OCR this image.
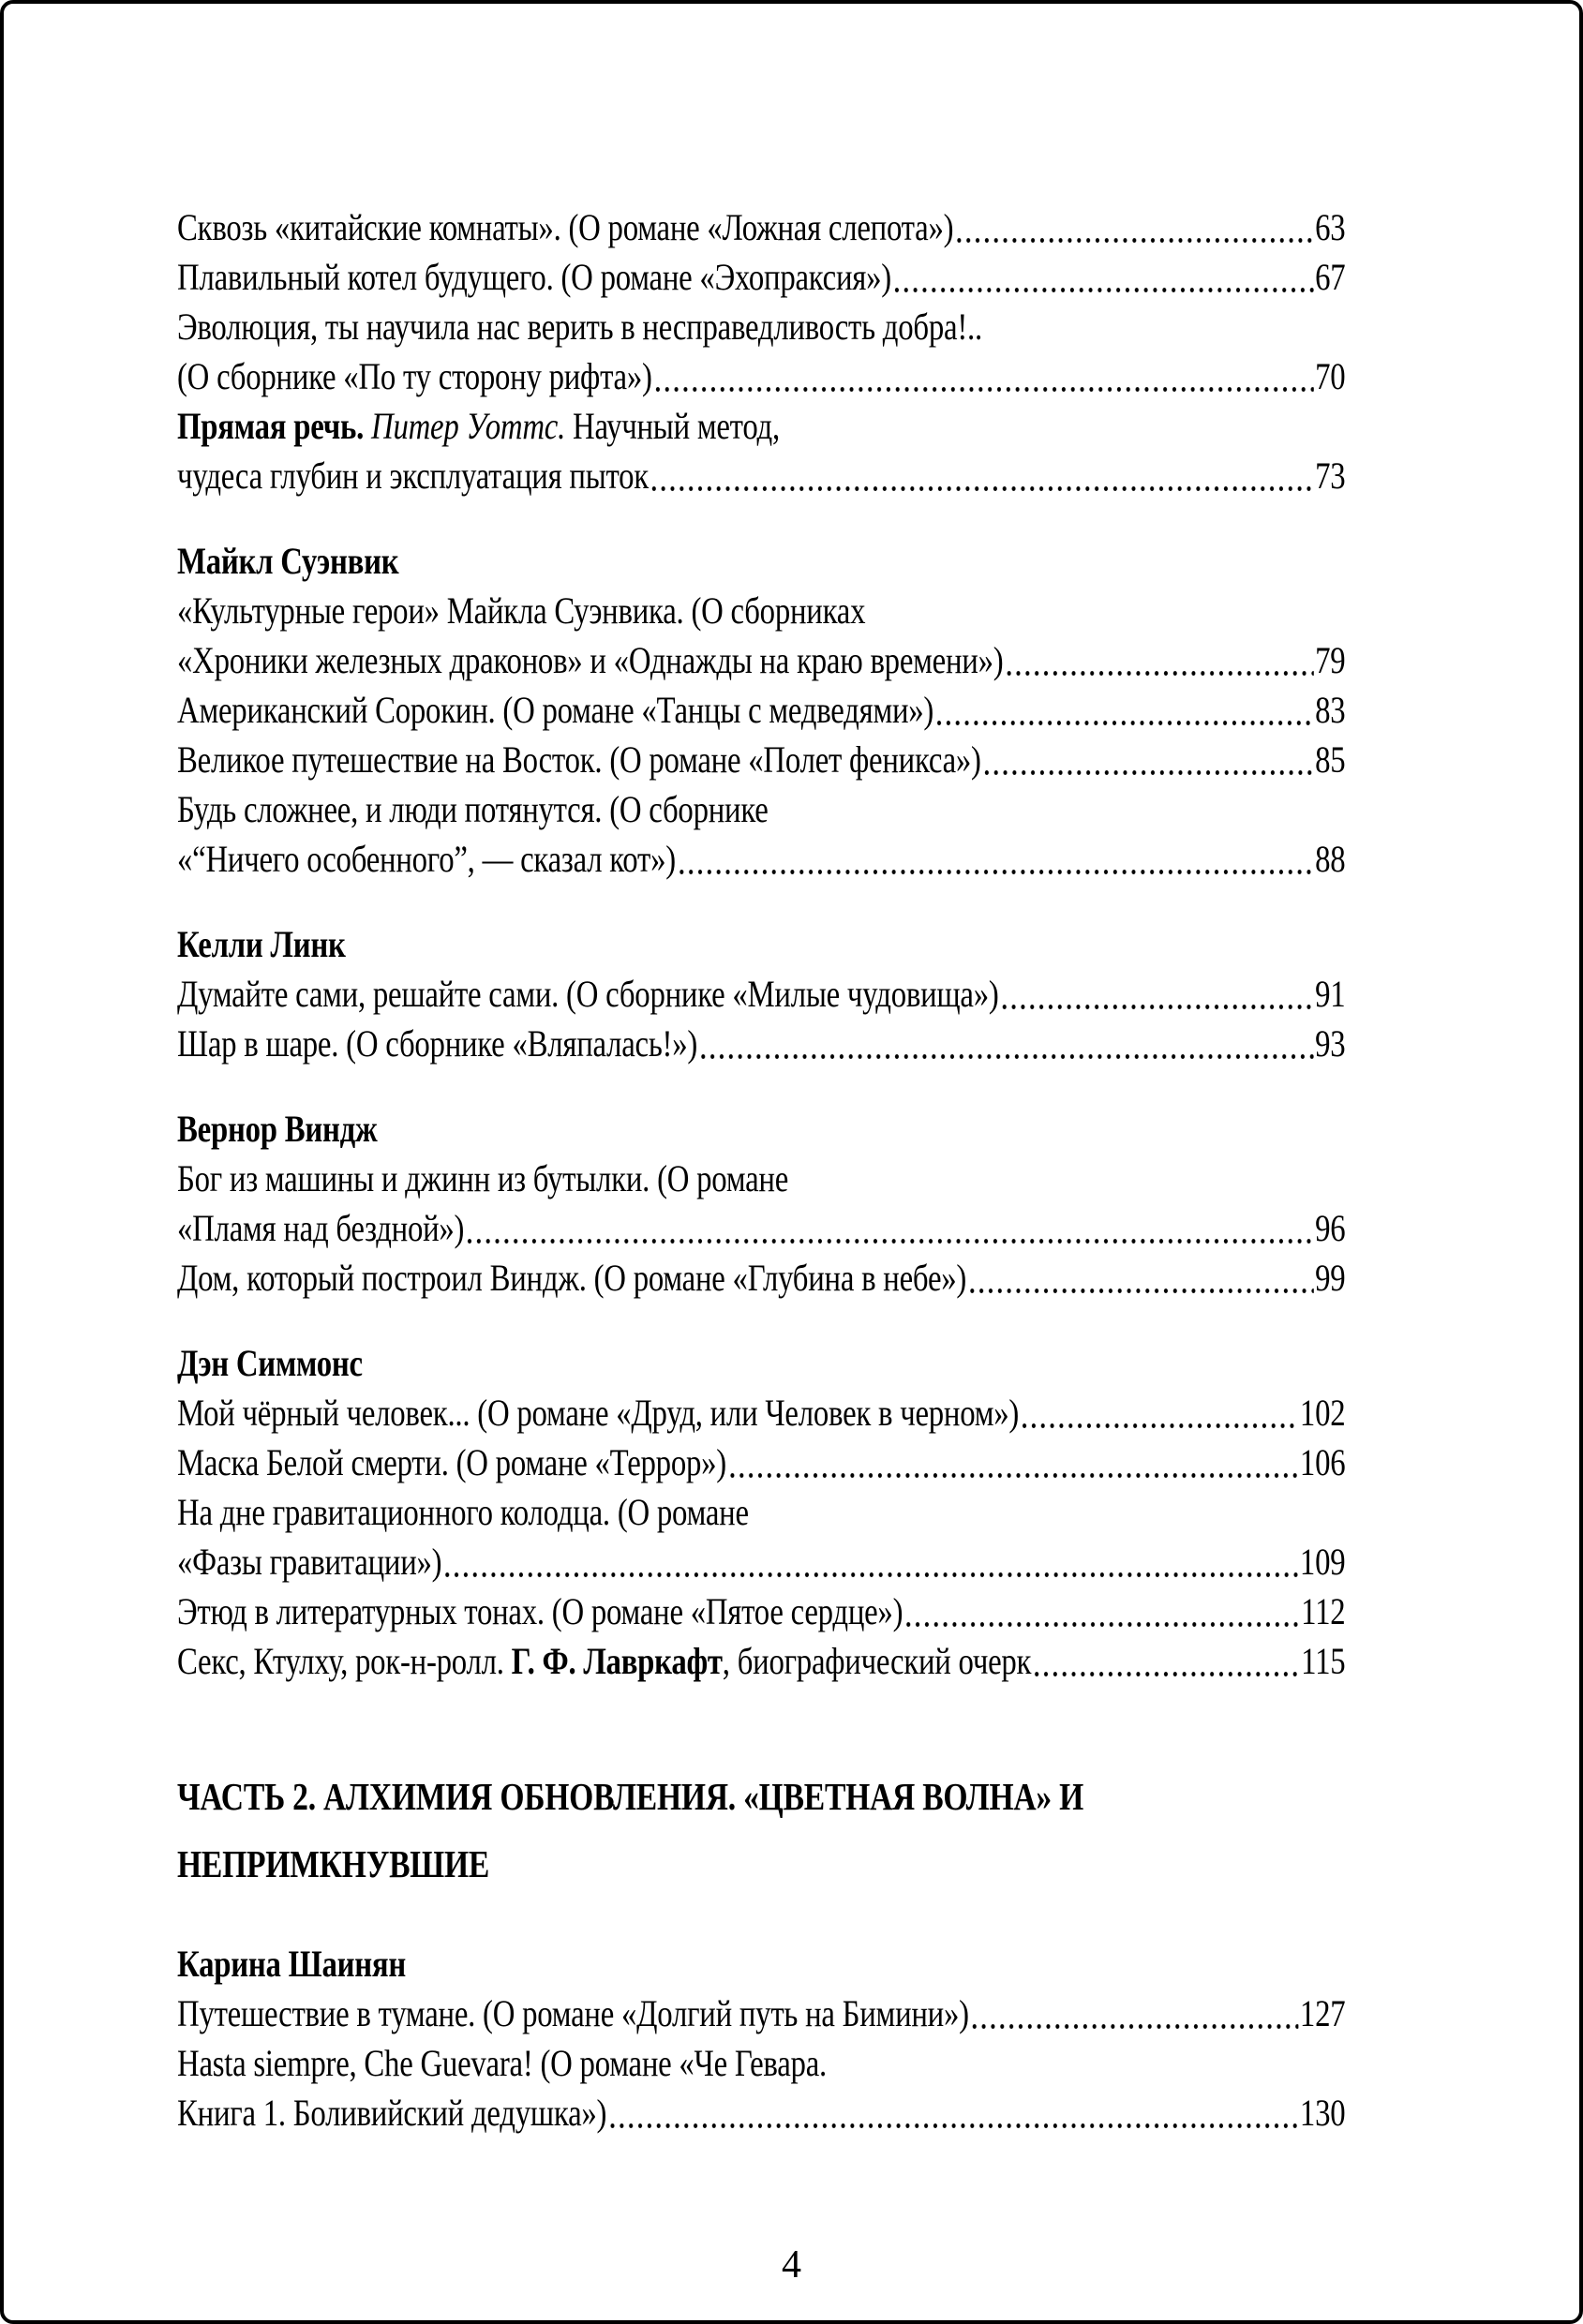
Сквозь «китайские комнаты». (О романе «Ложная слепота»)	63
Плавильный котел будущего. (О романе «Эхопраксия»)	67
Эволюция, ты научила нас верить в несправедливость добра!..
(О сборнике «По ту сторону рифта»)	70
Прямая речь. Питер Уоттс. Научный метод,
чудеса глубин и эксплуатация пыток	73
Майкл Суэнвик
«Культурные герои» Майкла Суэнвика. (О сборниках
«Хроники железных драконов» и «Однажды на краю времени»)	79
Американский Сорокин. (О романе «Танцы с медведями»)	83
Великое путешествие на Восток. (О романе «Полет феникса»)	85
Будь сложнее, и люди потянутся. (О сборнике
«“Ничего особенного”, — сказал кот»)	88
Келли Линк
Думайте сами, решайте сами. (О сборнике «Милые чудовища»)	91
Шар в шаре. (О сборнике «Вляпалась!»)	93
Вернор Виндж
Бог из машины и джинн из бутылки. (О романе
«Пламя над бездной»)	96
Дом, который построил Виндж. (О романе «Глубина в небе»)	99
Дэн Симмонс
Мой чёрный человек... (О романе «Друд, или Человек в черном»)	102
Маска Белой смерти. (О романе «Террор»)	106
На дне гравитационного колодца. (О романе
«Фазы гравитации»)	109
Этюд в литературных тонах. (О романе «Пятое сердце»)	112
Секс, Ктулху, рок-н-ролл. Г. Ф. Лавркафт, биографический очерк	115
ЧАСТЬ 2. АЛХИМИЯ ОБНОВЛЕНИЯ. «ЦВЕТНАЯ ВОЛНА» И НЕПРИМКНУВШИЕ
Карина Шаинян
Путешествие в тумане. (О романе «Долгий путь на Бимини»)	127
Hasta siempre, Che Guevara! (О романе «Че Гевара.
Книга 1. Боливийский дедушка»)	130
4
